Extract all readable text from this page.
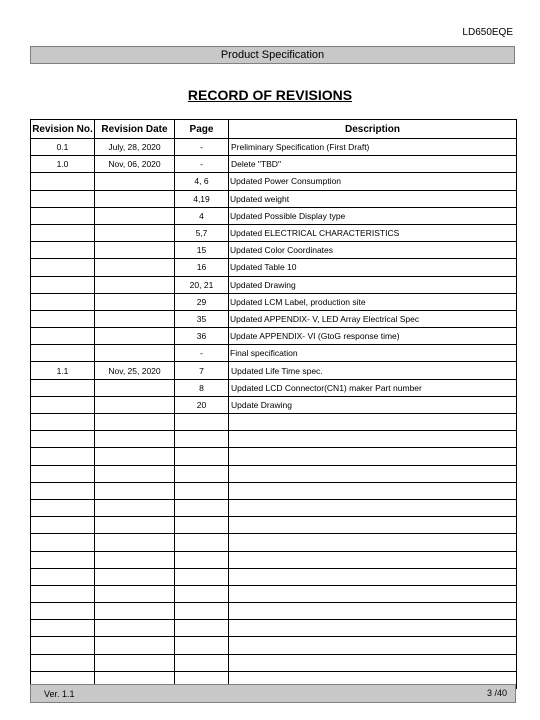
LD650EQE
Product Specification
RECORD OF REVISIONS
Revision No.	Revision Date	Page	Description
0.1	July, 28, 2020	-	Preliminary Specification (First Draft)
1.0	Nov, 06, 2020	-	Delete "TBD"
		4, 6	Updated Power Consumption
		4,19	Updated weight
		4	Updated Possible Display type
		5,7	Updated ELECTRICAL CHARACTERISTICS
		15	Updated Color Coordinates
		16	Updated Table 10
		20, 21	Updated Drawing
		29	Updated LCM Label, production site
		35	Updated APPENDIX- V, LED Array Electrical Spec
		36	Update APPENDIX- VI (GtoG response time)
		-	Final specification
1.1	Nov, 25, 2020	7	Updated Life Time spec.
		8	Updated LCD Connector(CN1) maker Part number
		20	Update Drawing

Ver. 1.1	3 /40
